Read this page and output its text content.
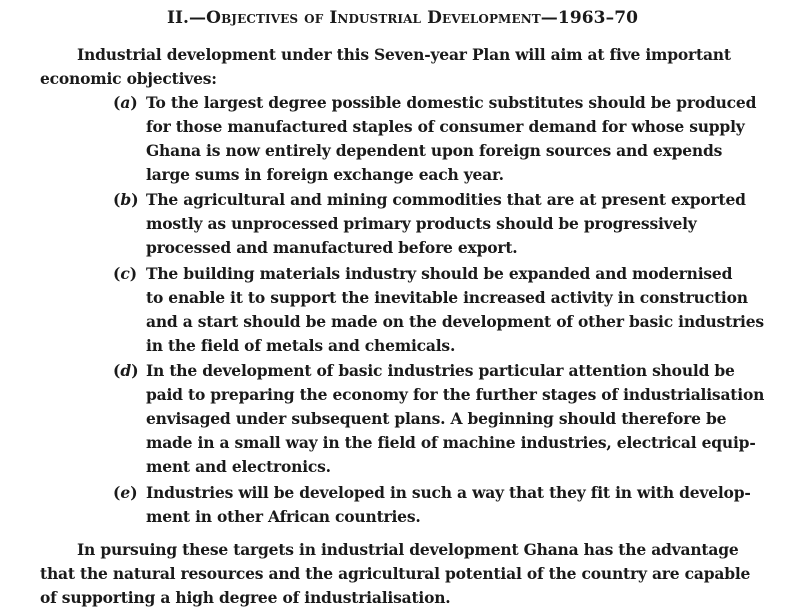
II.—Objectives of Industrial Development—1963–70
Industrial development under this Seven-year Plan will aim at five important
economic objectives:
( a )	To the largest degree possible domestic substitutes should be produced
for those manufactured staples of consumer demand for whose supply
Ghana is now entirely dependent upon foreign sources and expends
large sums in foreign exchange each year.
( b ) The agricultural and mining commodities that are at present exported
mostly as unprocessed primary products should be progressively
processed and manufactured before export.
( c )	The building materials industry should be expanded and modernised
to enable it to support the inevitable increased activity in construction
and a start should be made on the development of other basic industries
in the field of metals and chemicals.
( d ) In the development of basic industries particular attention should be
paid to preparing the economy for the further stages of industrialisation
envisaged under subsequent plans. A beginning should therefore be
made in a small way in the field of machine industries, electrical equip-
ment and electronics.
( e )	Industries will be developed in such a way that they fit in with develop-
ment in other African countries.
In pursuing these targets in industrial development Ghana has the advantage
that the natural resources and the agricultural potential of the country are capable
of supporting a high degree of industrialisation.
